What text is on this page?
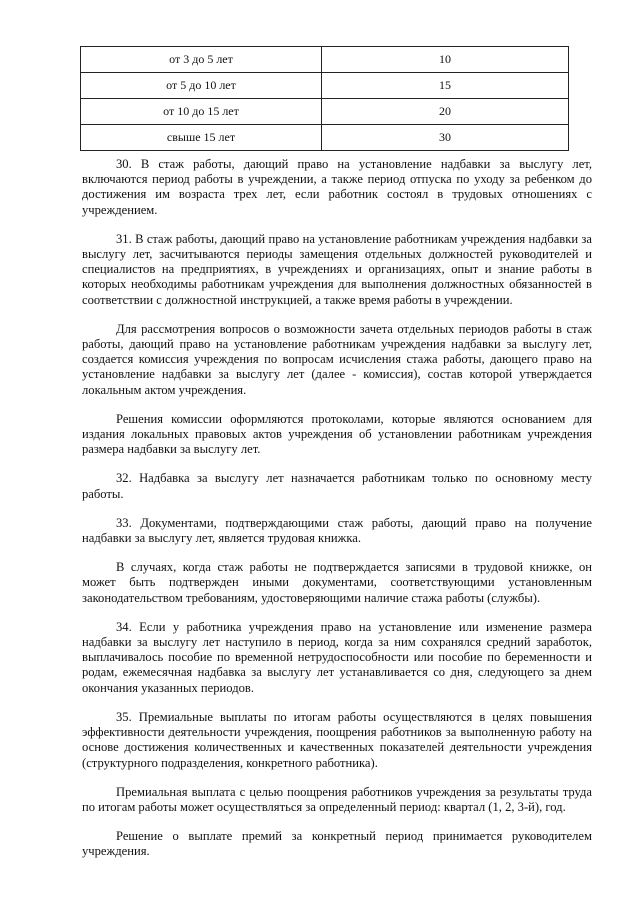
от 3 до 5 лет	10
от 5 до 10 лет	15
от 10 до 15 лет	20
свыше 15 лет	30

30. В стаж работы, дающий право на установление надбавки за выслугу лет, включаются период работы в учреждении, а также период отпуска по уходу за ребенком до достижения им возраста трех лет, если работник состоял в трудовых отношениях с учреждением.

31. В стаж работы, дающий право на установление работникам учреждения надбавки за выслугу лет, засчитываются периоды замещения отдельных должностей руководителей и специалистов на предприятиях, в учреждениях и организациях, опыт и знание работы в которых необходимы работникам учреждения для выполнения должностных обязанностей в соответствии с должностной инструкцией, а также время работы в учреждении.

Для рассмотрения вопросов о возможности зачета отдельных периодов работы в стаж работы, дающий право на установление работникам учреждения надбавки за выслугу лет, создается комиссия учреждения по вопросам исчисления стажа работы, дающего право на установление надбавки за выслугу лет (далее - комиссия), состав которой утверждается локальным актом учреждения.

Решения комиссии оформляются протоколами, которые являются основанием для издания локальных правовых актов учреждения об установлении работникам учреждения размера надбавки за выслугу лет.

32. Надбавка за выслугу лет назначается работникам только по основному месту работы.

33. Документами, подтверждающими стаж работы, дающий право на получение надбавки за выслугу лет, является трудовая книжка.

В случаях, когда стаж работы не подтверждается записями в трудовой книжке, он может быть подтвержден иными документами, соответствующими установленным законодательством требованиям, удостоверяющими наличие стажа работы (службы).

34. Если у работника учреждения право на установление или изменение размера надбавки за выслугу лет наступило в период, когда за ним сохранялся средний заработок, выплачивалось пособие по временной нетрудоспособности или пособие по беременности и родам, ежемесячная надбавка за выслугу лет устанавливается со дня, следующего за днем окончания указанных периодов.

35. Премиальные выплаты по итогам работы осуществляются в целях повышения эффективности деятельности учреждения, поощрения работников за выполненную работу на основе достижения количественных и качественных показателей деятельности учреждения (структурного подразделения, конкретного работника).

Премиальная выплата с целью поощрения работников учреждения за результаты труда по итогам работы может осуществляться за определенный период: квартал (1, 2, 3-й), год.

Решение о выплате премий за конкретный период принимается руководителем учреждения.
